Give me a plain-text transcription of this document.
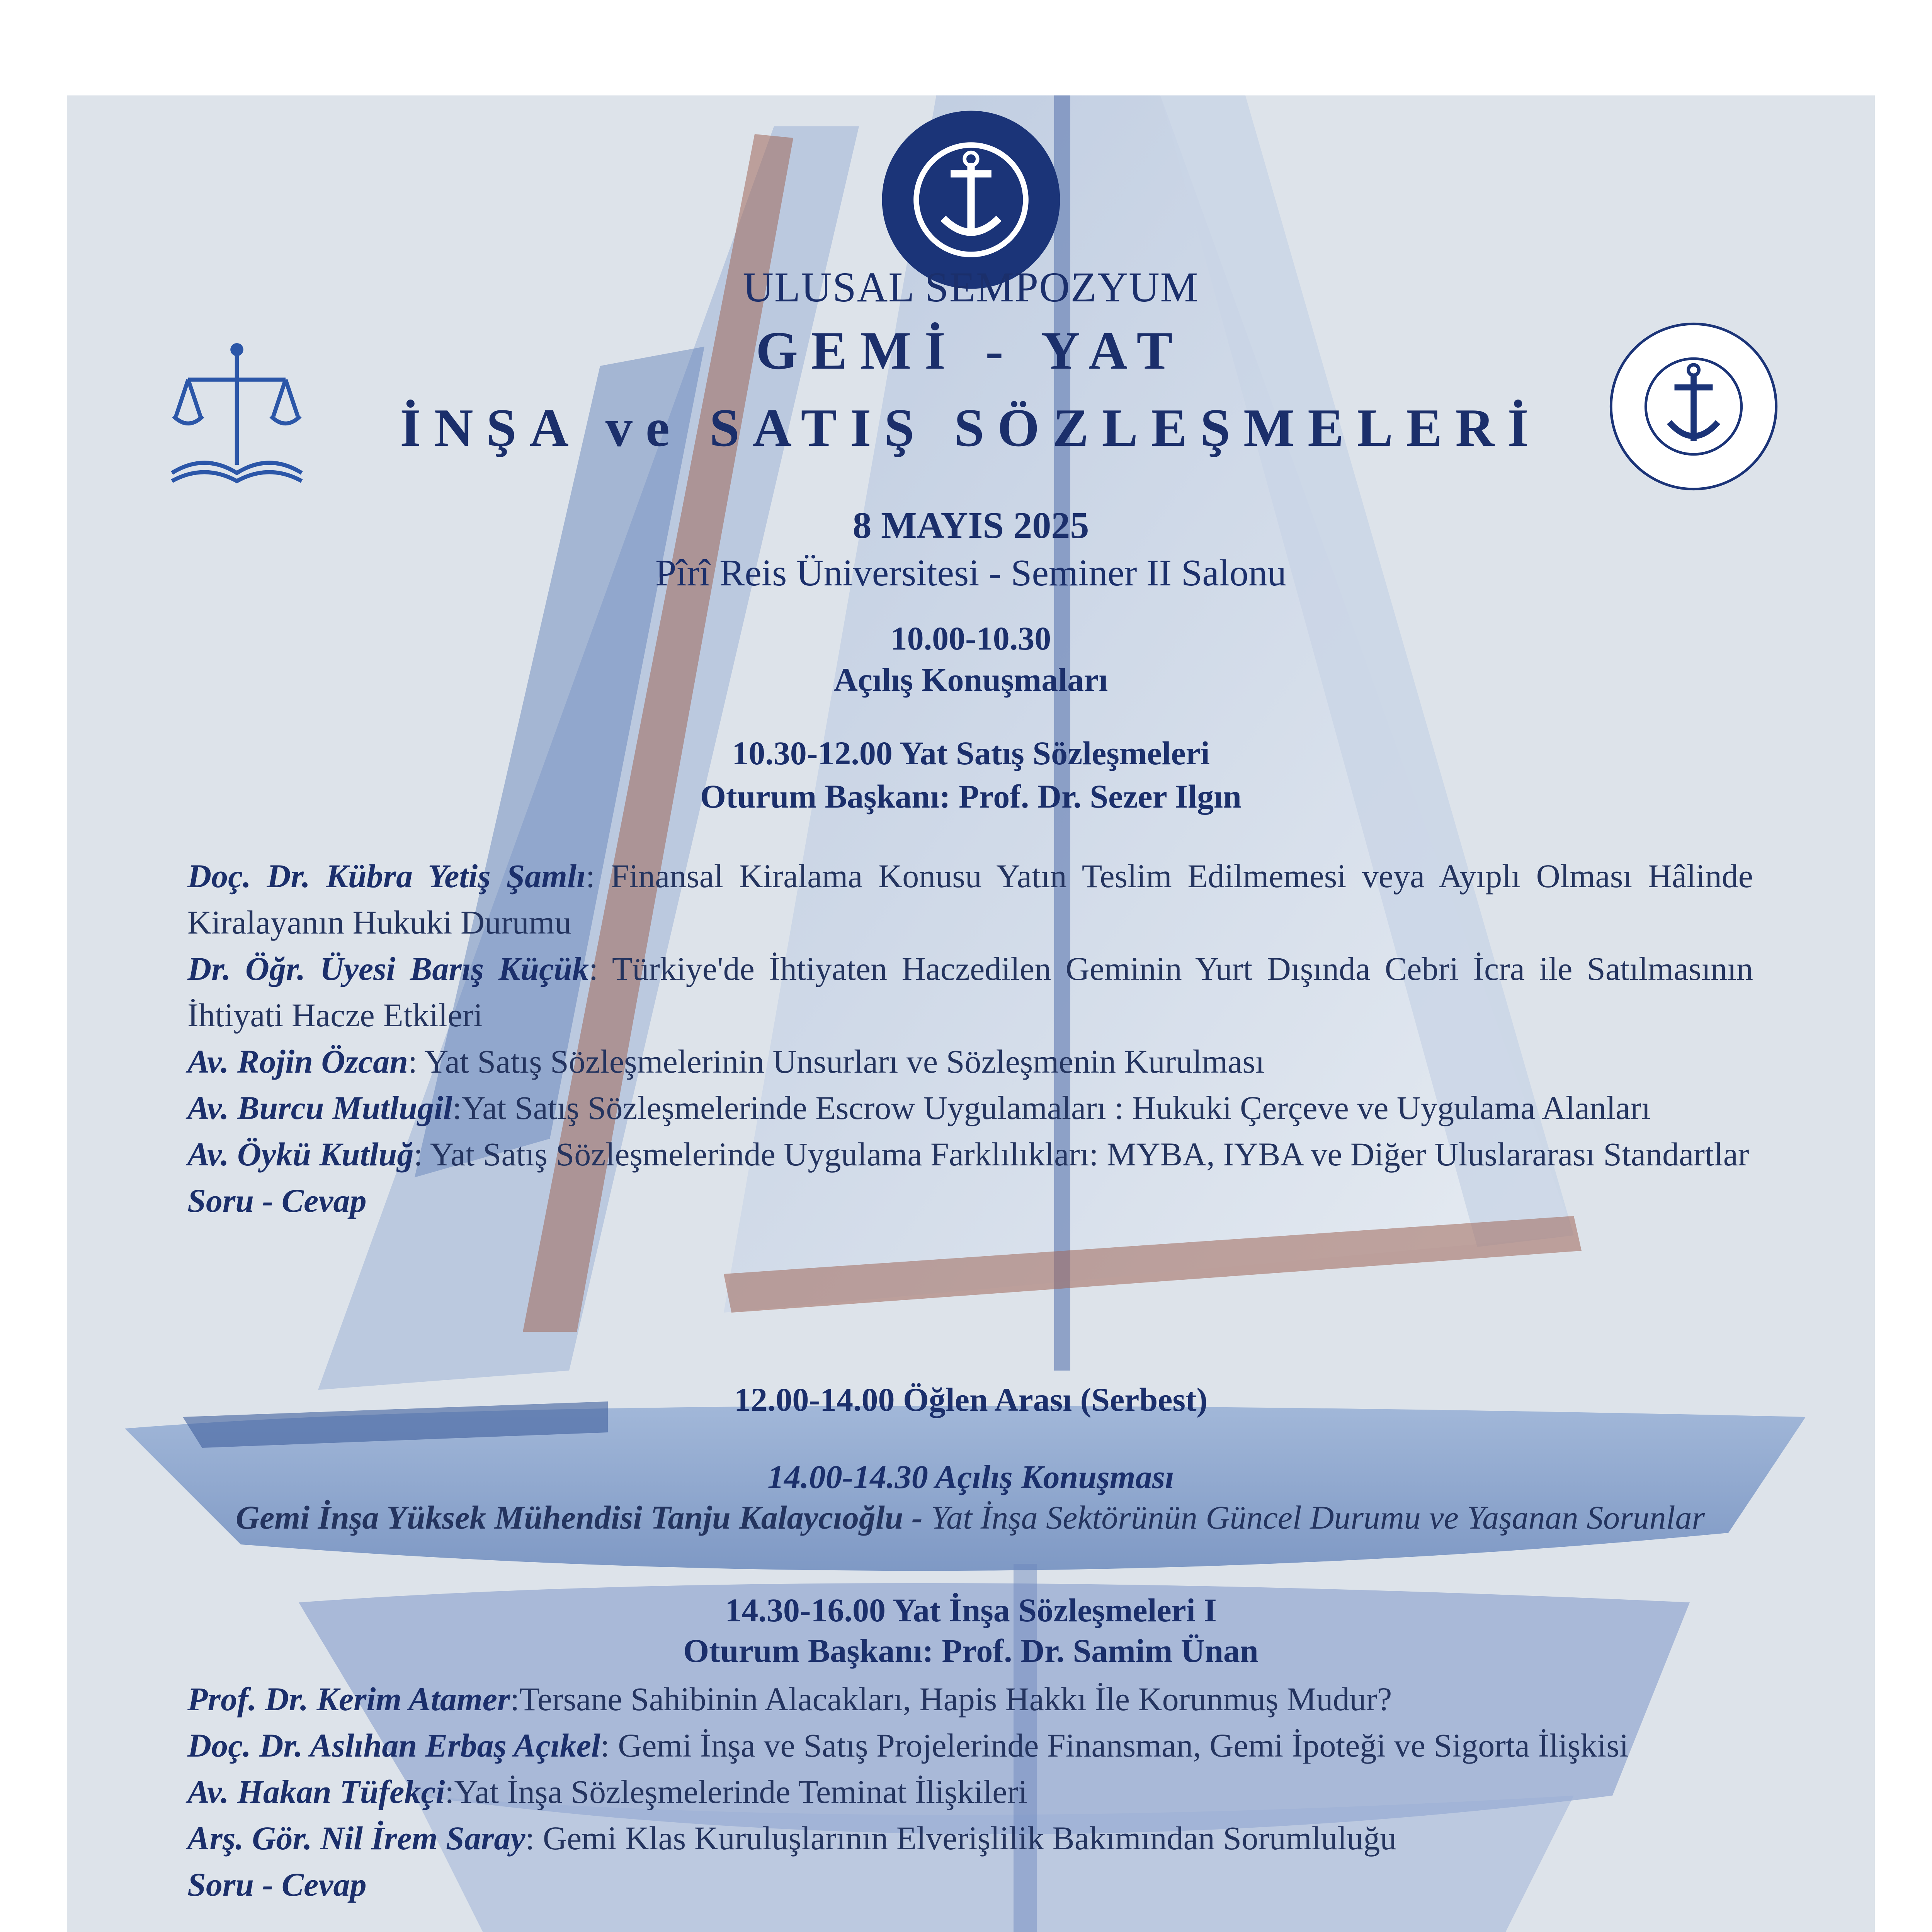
ULUSAL SEMPOZYUM
GEMİ - YAT
İNŞA ve SATIŞ SÖZLEŞMELERİ
8 MAYIS 2025
Pîrî Reis Üniversitesi - Seminer II Salonu
10.00-10.30
Açılış Konuşmaları
10.30-12.00 Yat Satış Sözleşmeleri
Oturum Başkanı: Prof. Dr. Sezer Ilgın

Doç. Dr. Kübra Yetiş Şamlı: Finansal Kiralama Konusu Yatın Teslim Edilmemesi veya Ayıplı Olması Hâlinde Kiralayanın Hukuki Durumu

Dr. Öğr. Üyesi Barış Küçük: Türkiye'de İhtiyaten Haczedilen Geminin Yurt Dışında Cebri İcra ile Satılmasının İhtiyati Hacze Etkileri

Av. Rojin Özcan: Yat Satış Sözleşmelerinin Unsurları ve Sözleşmenin Kurulması

Av. Burcu Mutlugil:Yat Satış Sözleşmelerinde Escrow Uygulamaları : Hukuki Çerçeve ve Uygulama Alanları

Av. Öykü Kutluğ: Yat Satış Sözleşmelerinde Uygulama Farklılıkları: MYBA, IYBA ve Diğer Uluslararası Standartlar

Soru - Cevap

12.00-14.00 Öğlen Arası (Serbest)
14.00-14.30 Açılış Konuşması
Gemi İnşa Yüksek Mühendisi Tanju Kalaycıoğlu - Yat İnşa Sektörünün Güncel Durumu ve Yaşanan Sorunlar
14.30-16.00 Yat İnşa Sözleşmeleri I
Oturum Başkanı: Prof. Dr. Samim Ünan

Prof. Dr. Kerim Atamer:Tersane Sahibinin Alacakları, Hapis Hakkı İle Korunmuş Mudur?

Doç. Dr. Aslıhan Erbaş Açıkel: Gemi İnşa ve Satış Projelerinde Finansman, Gemi İpoteği ve Sigorta İlişkisi

Av. Hakan Tüfekçi:Yat İnşa Sözleşmelerinde Teminat İlişkileri

Arş. Gör. Nil İrem Saray: Gemi Klas Kuruluşlarının Elverişlilik Bakımından Sorumluluğu

Soru - Cevap
